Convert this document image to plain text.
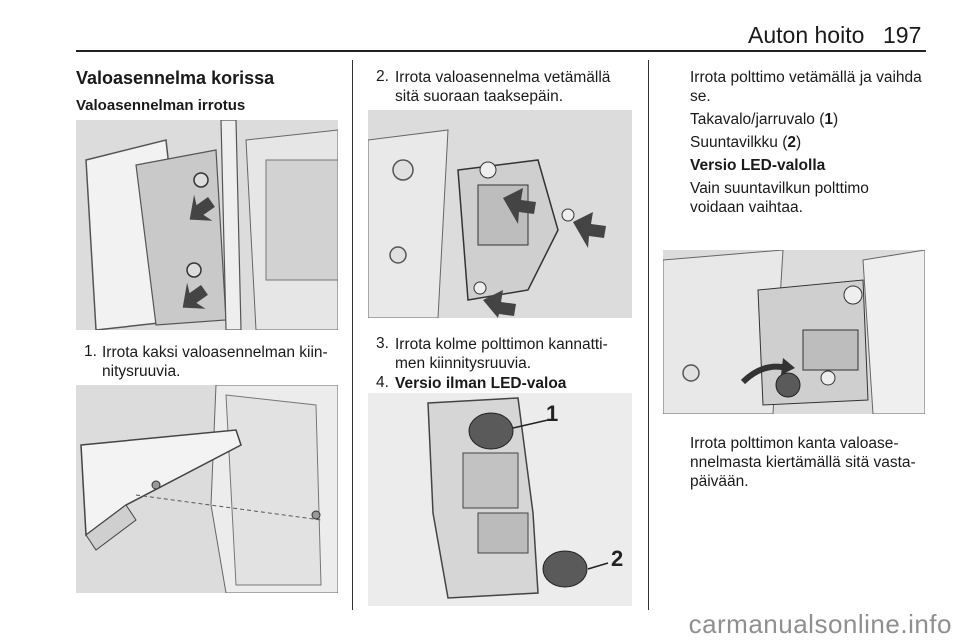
Auton hoito 197
Valoasennelma korissa
Valoasennelman irrotus
1. Irrota kaksi valoasennelman kiin-
nitysruuvia.
2. Irrota valoasennelma vetämällä
sitä suoraan taaksepäin.
3. Irrota kolme polttimon kannatti-
men kiinnitysruuvia.
4. Versio ilman LED-valoa
1
2
Irrota polttimo vetämällä ja vaihda
se.
Takavalo/jarruvalo (1)
Suuntavilkku (2)
Versio LED-valolla
Vain suuntavilkun polttimo
voidaan vaihtaa.
Irrota polttimon kanta valoase-
nnelmasta kiertämällä sitä vasta-
päivään.
carmanualsonline.info
